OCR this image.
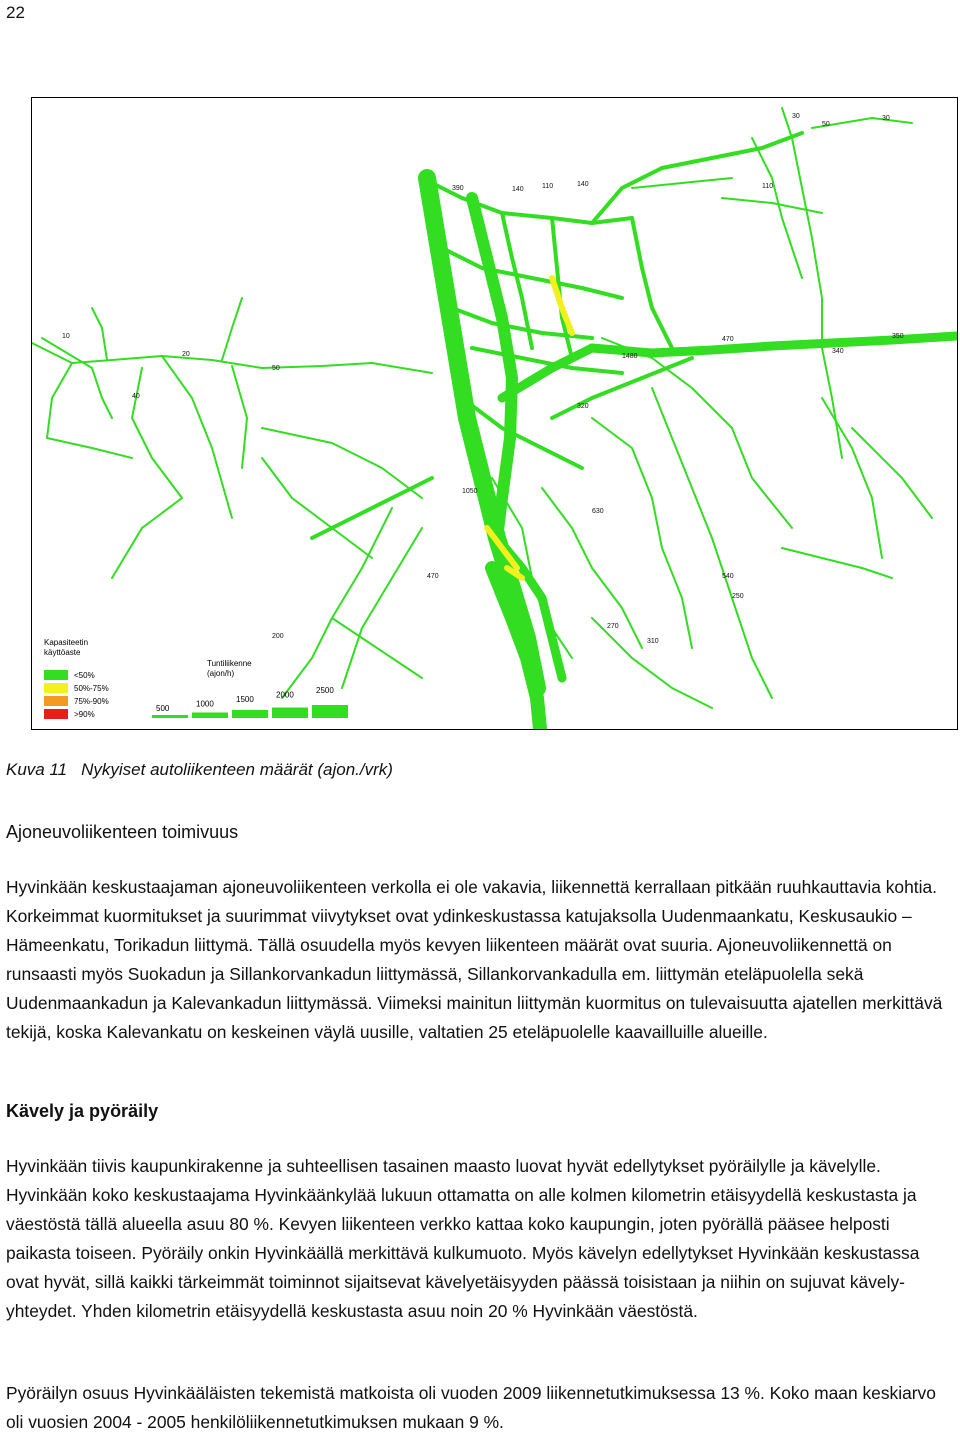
22
390	140	110	140
30
50
30
110
350
340
470
1480
320
1050
630
540
250
270
310
200
470
10
20
50
40
Kapasiteetin
käyttöaste
<50%
50%-75%
75%-90%
>90%
Tuntiliikenne
(ajon/h)
500	1000	1500	2000	2500
Kuva 11 Nykyiset autoliikenteen määrät (ajon./vrk)
Ajoneuvoliikenteen toimivuus

Hyvinkään keskustaajaman ajoneuvoliikenteen verkolla ei ole vakavia, liikennettä kerrallaan pitkään ruuhkauttavia kohtia. Korkeimmat kuormitukset ja suurimmat viivytykset ovat ydinkeskustassa katujaksolla Uudenmaankatu, Keskusaukio – Hämeenkatu, Torikadun liittymä. Tällä osuudella myös kevyen liikenteen määrät ovat suuria. Ajoneuvoliikennettä on runsaasti myös Suokadun ja Sillankorvankadun liittymässä, Sillankorvankadulla em. liittymän eteläpuolella sekä Uudenmaankadun ja Kalevankadun liittymässä. Viimeksi mainitun liittymän kuormitus on tulevaisuutta ajatellen merkittävä tekijä, koska Kalevankatu on keskeinen väylä uusille, valtatien 25 eteläpuolelle kaavailluille alueille.

Kävely ja pyöräily

Hyvinkään tiivis kaupunkirakenne ja suhteellisen tasainen maasto luovat hyvät edellytykset pyöräilylle ja kävelylle. Hyvinkään koko keskustaajama Hyvinkäänkylää lukuun ottamatta on alle kolmen kilometrin etäisyydellä keskustasta ja väestöstä tällä alueella asuu 80 %. Kevyen liikenteen verkko kattaa koko kaupungin, joten pyörällä pääsee helposti paikasta toiseen. Pyöräily onkin Hyvinkäällä merkittävä kulkumuoto. Myös kävelyn edellytykset Hyvinkään keskustassa ovat hyvät, sillä kaikki tärkeimmät toiminnot sijaitsevat kävelyetäisyyden päässä toisistaan ja niihin on sujuvat kävely-yhteydet. Yhden kilometrin etäisyydellä keskustasta asuu noin 20 % Hyvinkään väestöstä.

Pyöräilyn osuus Hyvinkääläisten tekemistä matkoista oli vuoden 2009 liikennetutkimuksessa 13 %. Koko maan keskiarvo oli vuosien 2004 - 2005 henkilöliikennetutkimuksen mukaan 9 %.
